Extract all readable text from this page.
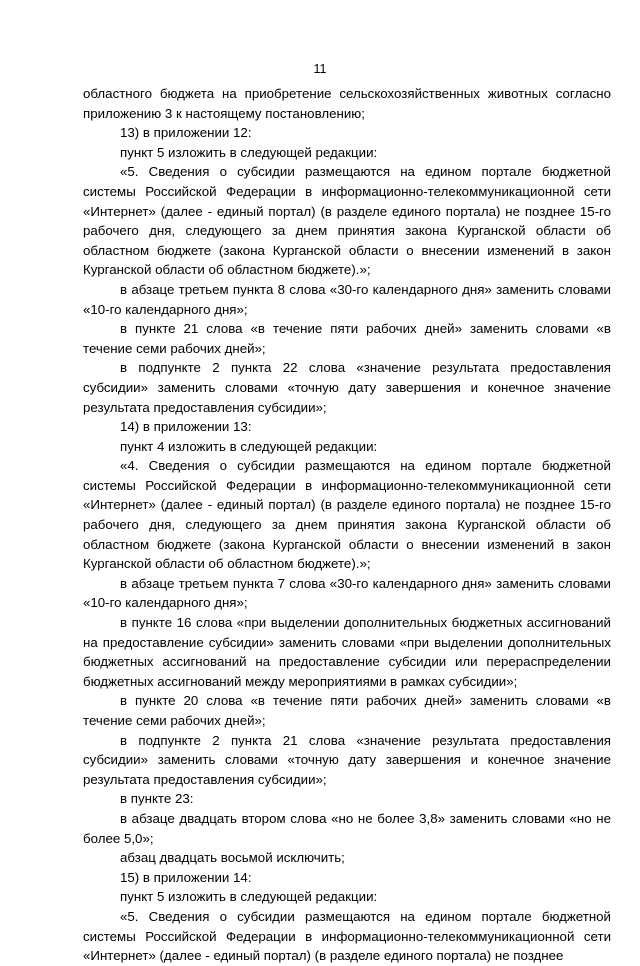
11

областного бюджета на приобретение сельскохозяйственных животных согласно приложению 3 к настоящему постановлению;

13) в приложении 12:

пункт 5 изложить в следующей редакции:

«5. Сведения о субсидии размещаются на едином портале бюджетной системы Российской Федерации в информационно-телекоммуникационной сети «Интернет» (далее - единый портал) (в разделе единого портала) не позднее 15-го рабочего дня, следующего за днем принятия закона Курганской области об областном бюджете (закона Курганской области о внесении изменений в закон Курганской области об областном бюджете).»;

в абзаце третьем пункта 8 слова «30-го календарного дня» заменить словами «10-го календарного дня»;

в пункте 21 слова «в течение пяти рабочих дней» заменить словами «в течение семи рабочих дней»;

в подпункте 2 пункта 22 слова «значение результата предоставления субсидии» заменить словами «точную дату завершения и конечное значение результата предоставления субсидии»;

14) в приложении 13:

пункт 4 изложить в следующей редакции:

«4. Сведения о субсидии размещаются на едином портале бюджетной системы Российской Федерации в информационно-телекоммуникационной сети «Интернет» (далее - единый портал) (в разделе единого портала) не позднее 15-го рабочего дня, следующего за днем принятия закона Курганской области об областном бюджете (закона Курганской области о внесении изменений в закон Курганской области об областном бюджете).»;

в абзаце третьем пункта 7 слова «30-го календарного дня» заменить словами «10-го календарного дня»;

в пункте 16 слова «при выделении дополнительных бюджетных ассигнований на предоставление субсидии» заменить словами «при выделении дополнительных бюджетных ассигнований на предоставление субсидии или перераспределении бюджетных ассигнований между мероприятиями в рамках субсидии»;

в пункте 20 слова «в течение пяти рабочих дней» заменить словами «в течение семи рабочих дней»;

в подпункте 2 пункта 21 слова «значение результата предоставления субсидии» заменить словами «точную дату завершения и конечное значение результата предоставления субсидии»;

в пункте 23:

в абзаце двадцать втором слова «но не более 3,8» заменить словами «но не более 5,0»;

абзац двадцать восьмой исключить;

15) в приложении 14:

пункт 5 изложить в следующей редакции:

«5. Сведения о субсидии размещаются на едином портале бюджетной системы Российской Федерации в информационно-телекоммуникационной сети «Интернет» (далее - единый портал) (в разделе единого портала) не позднее
